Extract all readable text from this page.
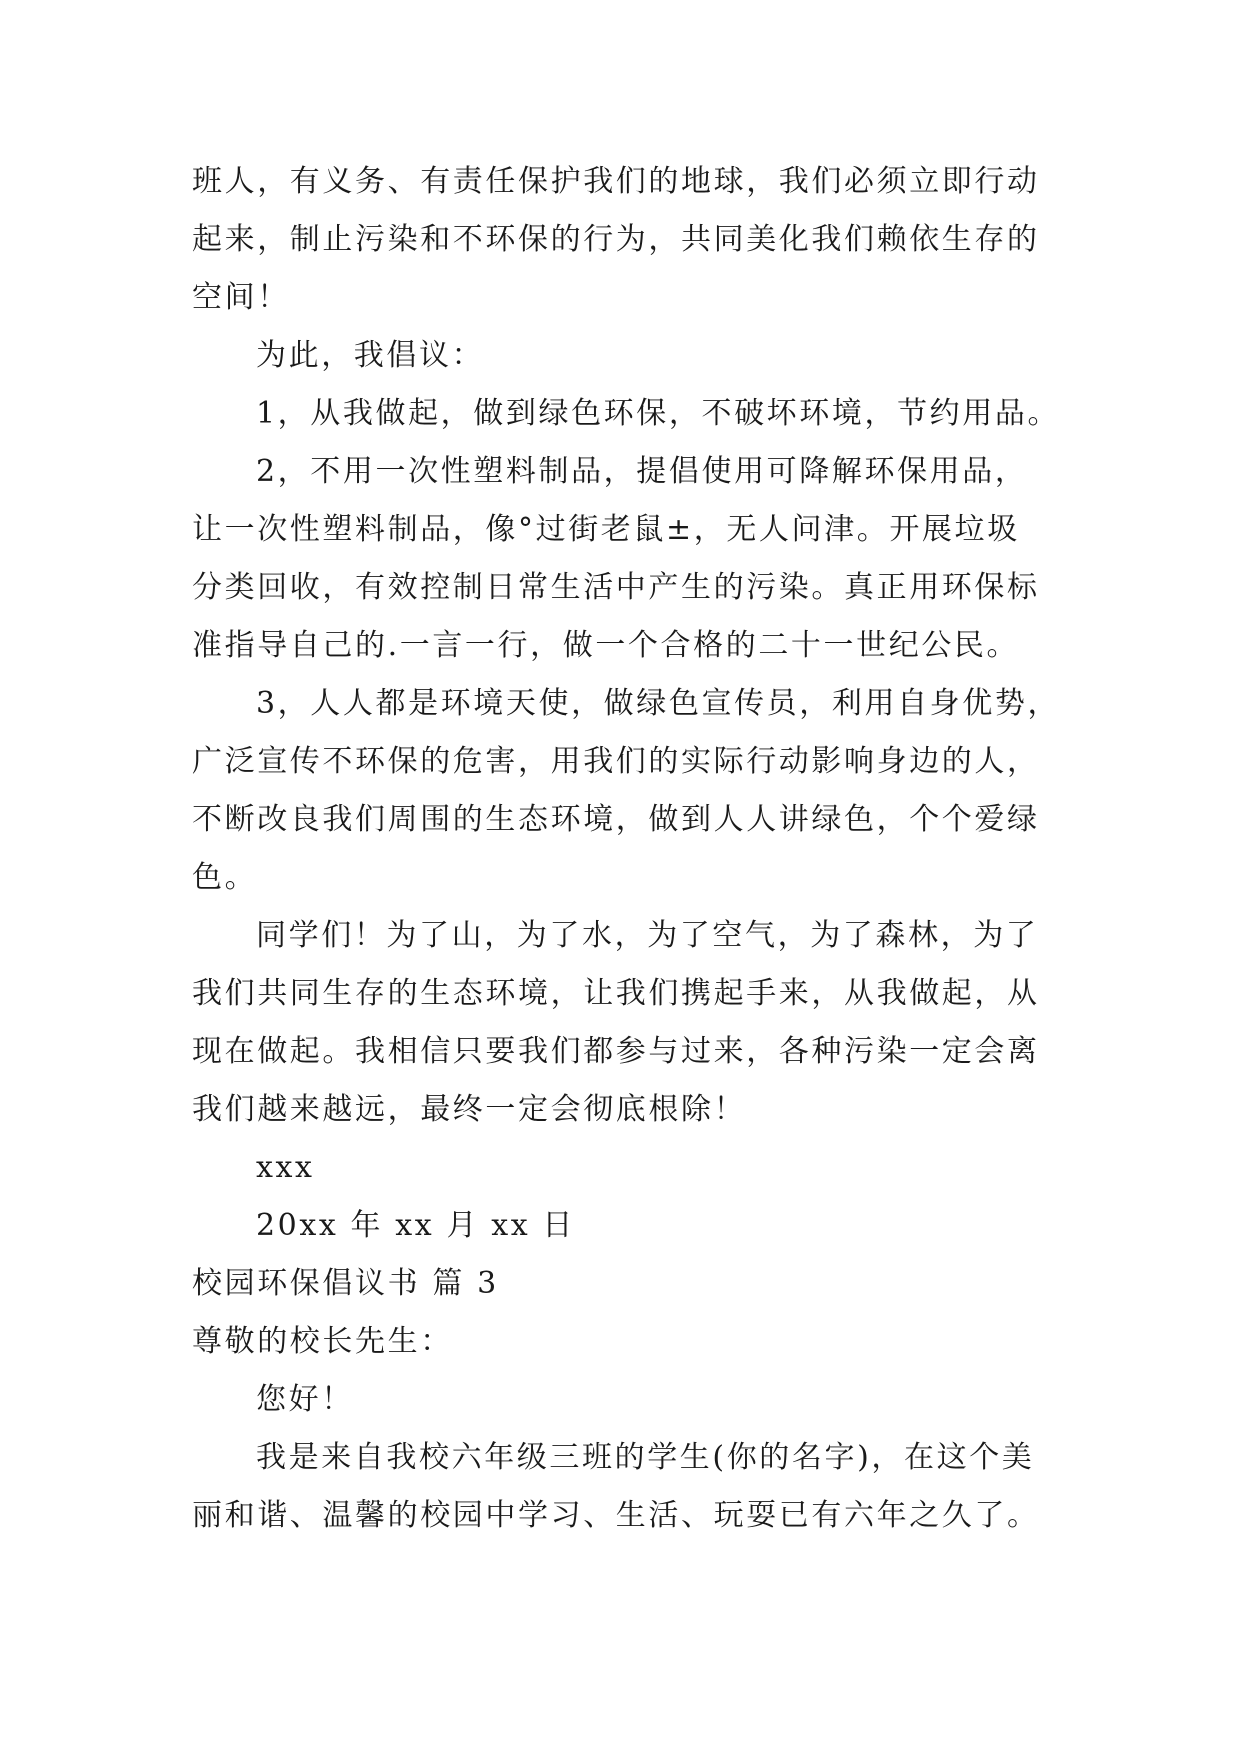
班人，有义务、有责任保护我们的地球，我们必须立即行动
起来，制止污染和不环保的行为，共同美化我们赖依生存的
空间！
为此，我倡议：
1，从我做起，做到绿色环保，不破坏环境，节约用品。
2，不用一次性塑料制品，提倡使用可降解环保用品，
让一次性塑料制品，像°过街老鼠±，无人问津。开展垃圾
分类回收，有效控制日常生活中产生的污染。真正用环保标
准指导自己的.一言一行，做一个合格的二十一世纪公民。
3，人人都是环境天使，做绿色宣传员，利用自身优势，
广泛宣传不环保的危害，用我们的实际行动影响身边的人，
不断改良我们周围的生态环境，做到人人讲绿色，个个爱绿
色。
同学们！为了山，为了水，为了空气，为了森林，为了
我们共同生存的生态环境，让我们携起手来，从我做起，从
现在做起。我相信只要我们都参与过来，各种污染一定会离
我们越来越远，最终一定会彻底根除！
xxx
20xx 年 xx 月 xx 日
校园环保倡议书 篇 3
尊敬的校长先生：
您好！
我是来自我校六年级三班的学生(你的名字)，在这个美
丽和谐、温馨的校园中学习、生活、玩耍已有六年之久了。
